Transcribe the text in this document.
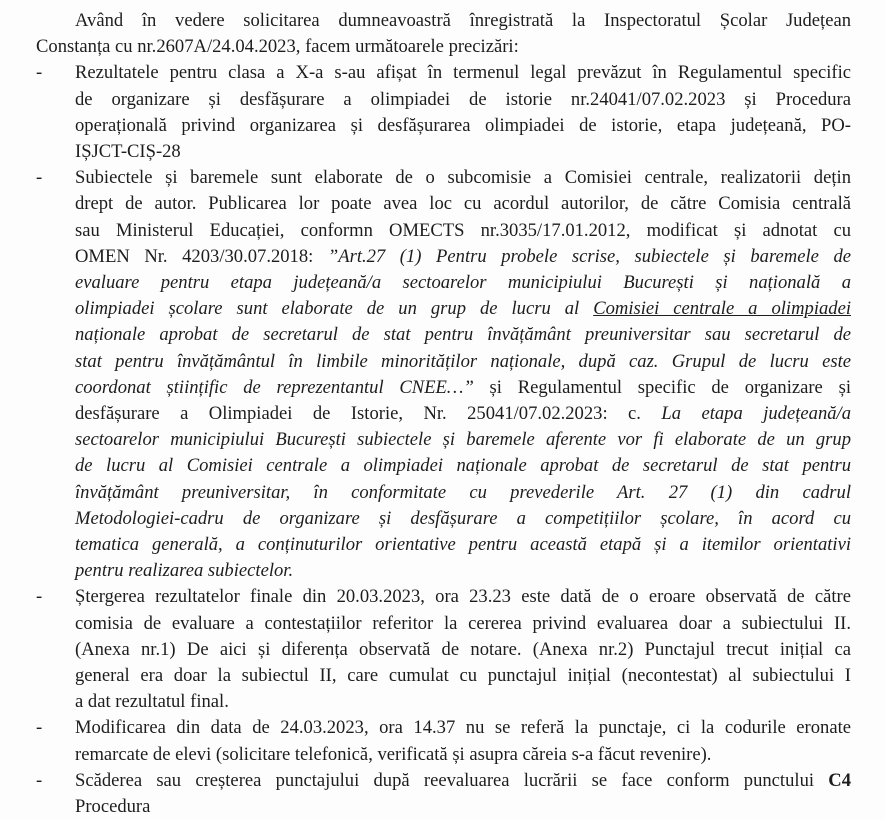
Având în vedere solicitarea dumneavoastră înregistrată la Inspectoratul Școlar Județean
Constanța cu nr.2607A/24.04.2023, facem următoarele precizări:
-	Rezultatele pentru clasa a X-a s-au afișat în termenul legal prevăzut în Regulamentul specific
de organizare și desfășurare a olimpiadei de istorie nr.24041/07.02.2023 și Procedura
operațională privind organizarea și desfășurarea olimpiadei de istorie, etapa județeană, PO-
IȘJCT-CIȘ-28
-	Subiectele și baremele sunt elaborate de o subcomisie a Comisiei centrale, realizatorii dețin
drept de autor. Publicarea lor poate avea loc cu acordul autorilor, de către Comisia centrală
sau Ministerul Educației, conformn OMECTS nr.3035/17.01.2012, modificat și adnotat cu
OMEN Nr. 4203/30.07.2018: ”Art.27 (1) Pentru probele scrise, subiectele și baremele de
evaluare pentru etapa județeană/a sectoarelor municipiului București și națională a
olimpiadei școlare sunt elaborate de un grup de lucru al Comisiei centrale a olimpiadei
naționale aprobat de secretarul de stat pentru învățământ preuniversitar sau secretarul de
stat pentru învățământul în limbile minorităților naționale, după caz. Grupul de lucru este
coordonat științific de reprezentantul CNEE…” și Regulamentul specific de organizare și
desfășurare a Olimpiadei de Istorie, Nr. 25041/07.02.2023: c. La etapa județeană/a
sectoarelor municipiului București subiectele și baremele aferente vor fi elaborate de un grup
de lucru al Comisiei centrale a olimpiadei naționale aprobat de secretarul de stat pentru
învățământ preuniversitar, în conformitate cu prevederile Art. 27 (1) din cadrul
Metodologiei-cadru de organizare și desfășurare a competițiilor școlare, în acord cu
tematica generală, a conținuturilor orientative pentru această etapă și a itemilor orientativi
pentru realizarea subiectelor.
-	Ștergerea rezultatelor finale din 20.03.2023, ora 23.23 este dată de o eroare observată de către
comisia de evaluare a contestațiilor referitor la cererea privind evaluarea doar a subiectului II.
(Anexa nr.1) De aici și diferența observată de notare. (Anexa nr.2) Punctajul trecut inițial ca
general era doar la subiectul II, care cumulat cu punctajul inițial (necontestat) al subiectului I
a dat rezultatul final.
-	Modificarea din data de 24.03.2023, ora 14.37 nu se referă la punctaje, ci la codurile eronate
remarcate de elevi (solicitare telefonică, verificată și asupra căreia s-a făcut revenire).
-	Scăderea sau creșterea punctajului după reevaluarea lucrării se face conform punctului C4
Procedura
